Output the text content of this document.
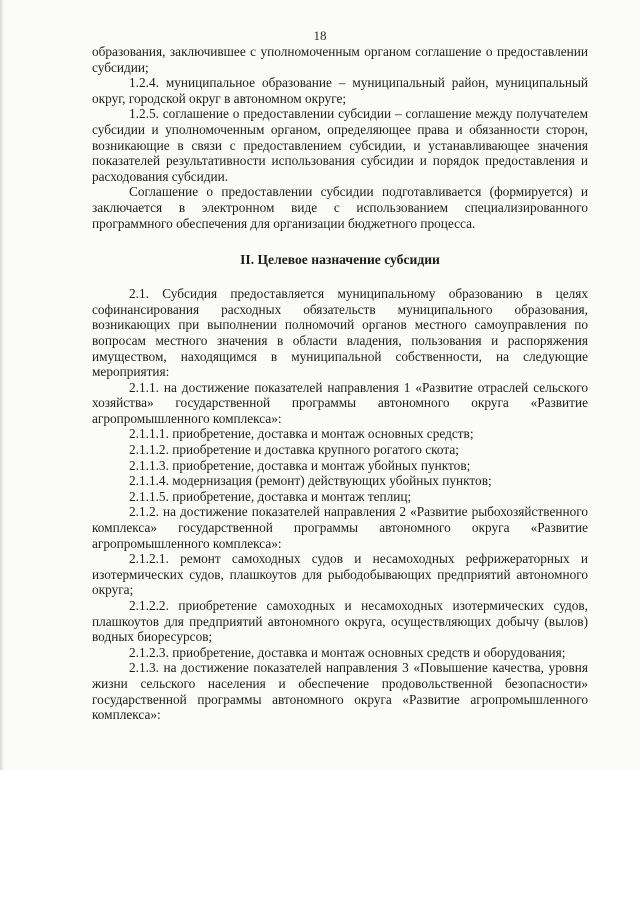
18

образования, заключившее с уполномоченным органом соглашение о предоставлении субсидии;

1.2.4. муниципальное образование – муниципальный район, муниципальный округ, городской округ в автономном округе;

1.2.5. соглашение о предоставлении субсидии – соглашение между получателем субсидии и уполномоченным органом, определяющее права и обязанности сторон, возникающие в связи с предоставлением субсидии, и устанавливающее значения показателей результативности использования субсидии и порядок предоставления и расходования субсидии.

Соглашение о предоставлении субсидии подготавливается (формируется) и заключается в электронном виде с использованием специализированного программного обеспечения для организации бюджетного процесса.

II. Целевое назначение субсидии

2.1. Субсидия предоставляется муниципальному образованию в целях софинансирования расходных обязательств муниципального образования, возникающих при выполнении полномочий органов местного самоуправления по вопросам местного значения в области владения, пользования и распоряжения имуществом, находящимся в муниципальной собственности, на следующие мероприятия:

2.1.1. на достижение показателей направления 1 «Развитие отраслей сельского хозяйства» государственной программы автономного округа «Развитие агропромышленного комплекса»:

2.1.1.1. приобретение, доставка и монтаж основных средств;

2.1.1.2. приобретение и доставка крупного рогатого скота;

2.1.1.3. приобретение, доставка и монтаж убойных пунктов;

2.1.1.4. модернизация (ремонт) действующих убойных пунктов;

2.1.1.5. приобретение, доставка и монтаж теплиц;

2.1.2. на достижение показателей направления 2 «Развитие рыбохозяйственного комплекса» государственной программы автономного округа «Развитие агропромышленного комплекса»:

2.1.2.1. ремонт самоходных судов и несамоходных рефрижераторных и изотермических судов, плашкоутов для рыбодобывающих предприятий автономного округа;

2.1.2.2. приобретение самоходных и несамоходных изотермических судов, плашкоутов для предприятий автономного округа, осуществляющих добычу (вылов) водных биоресурсов;

2.1.2.3. приобретение, доставка и монтаж основных средств и оборудования;

2.1.3. на достижение показателей направления 3 «Повышение качества, уровня жизни сельского населения и обеспечение продовольственной безопасности» государственной программы автономного округа «Развитие агропромышленного комплекса»:
